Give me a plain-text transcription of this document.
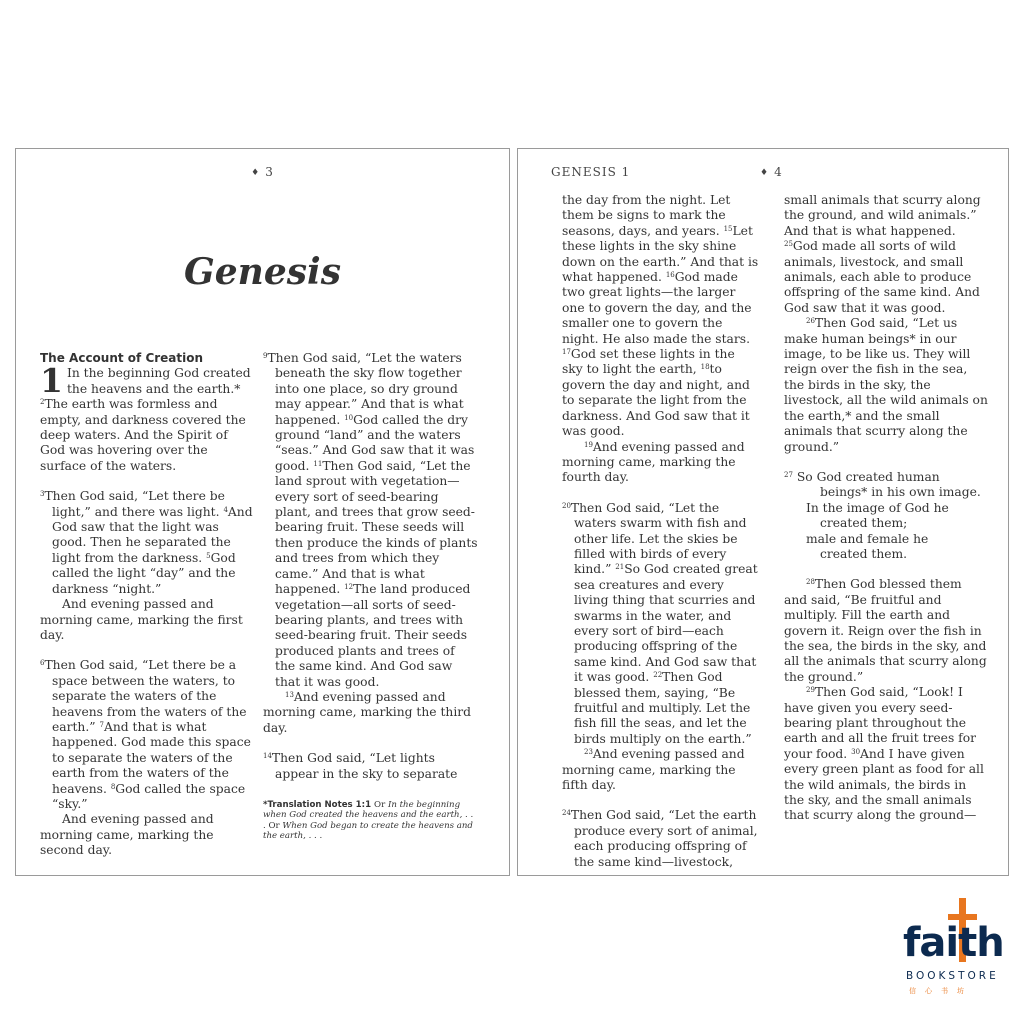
♦ 3
Genesis

The Account of Creation

1 In the beginning God created the heavens and the earth.* $^2$The earth was formless and empty, and darkness covered the deep waters. And the Spirit of God was hovering over the surface of the waters.

$^3$Then God said, “Let there be light,” and there was light. $^4$And God saw that the light was good. Then he separated the light from the darkness. $^5$God called the light “day” and the darkness “night.”

And evening passed and morning came, marking the first day.

$^6$Then God said, “Let there be a space between the waters, to separate the waters of the heavens from the waters of the earth.” $^7$And that is what happened. God made this space to separate the waters of the earth from the waters of the heavens. $^8$God called the space “sky.”

And evening passed and morning came, marking the second day.

$^9$Then God said, “Let the waters beneath the sky flow together into one place, so dry ground may appear.” And that is what happened. $^{10}$God called the dry ground “land” and the waters “seas.” And God saw that it was good. $^{11}$Then God said, “Let the land sprout with vegetation—every sort of seed-bearing plant, and trees that grow seed-bearing fruit. These seeds will then produce the kinds of plants and trees from which they came.” And that is what happened. $^{12}$The land produced vegetation—all sorts of seed-bearing plants, and trees with seed-bearing fruit. Their seeds produced plants and trees of the same kind. And God saw that it was good.

$^{13}$And evening passed and morning came, marking the third day.

$^{14}$Then God said, “Let lights appear in the sky to separate

*Translation Notes 1:1 Or In the beginning when God created the heavens and the earth, . . . Or When God began to create the heavens and the earth, . . .

GENESIS 1
♦	4

the day from the night. Let them be signs to mark the seasons, days, and years. $^{15}$Let these lights in the sky shine down on the earth.” And that is what happened. $^{16}$God made two great lights—the larger one to govern the day, and the smaller one to govern the night. He also made the stars. $^{17}$God set these lights in the sky to light the earth, $^{18}$to govern the day and night, and to separate the light from the darkness. And God saw that it was good.

$^{19}$And evening passed and morning came, marking the fourth day.

$^{20}$Then God said, “Let the waters swarm with fish and other life. Let the skies be filled with birds of every kind.” $^{21}$So God created great sea creatures and every living thing that scurries and swarms in the water, and every sort of bird—each producing offspring of the same kind. And God saw that it was good. $^{22}$Then God blessed them, saying, “Be fruitful and multiply. Let the fish fill the seas, and let the birds multiply on the earth.”

$^{23}$And evening passed and morning came, marking the fifth day.

$^{24}$Then God said, “Let the earth produce every sort of animal, each producing offspring of the same kind—livestock,

small animals that scurry along the ground, and wild animals.” And that is what happened. $^{25}$God made all sorts of wild animals, livestock, and small animals, each able to produce offspring of the same kind. And God saw that it was good.

$^{26}$Then God said, “Let us make human beings* in our image, to be like us. They will reign over the fish in the sea, the birds in the sky, the livestock, all the wild animals on the earth,* and the small animals that scurry along the ground.”

$^{27}$ So God created human

beings* in his own image.

In the image of God he

created them;

male and female he

created them.

$^{28}$Then God blessed them and said, “Be fruitful and multiply. Fill the earth and govern it. Reign over the fish in the sea, the birds in the sky, and all the animals that scurry along the ground.”

$^{29}$Then God said, “Look! I have given you every seed-bearing plant throughout the earth and all the fruit trees for your food. $^{30}$And I have given every green plant as food for all the wild animals, the birds in the sky, and the small animals that scurry along the ground—

faith
BOOKSTORE
信心书坊
